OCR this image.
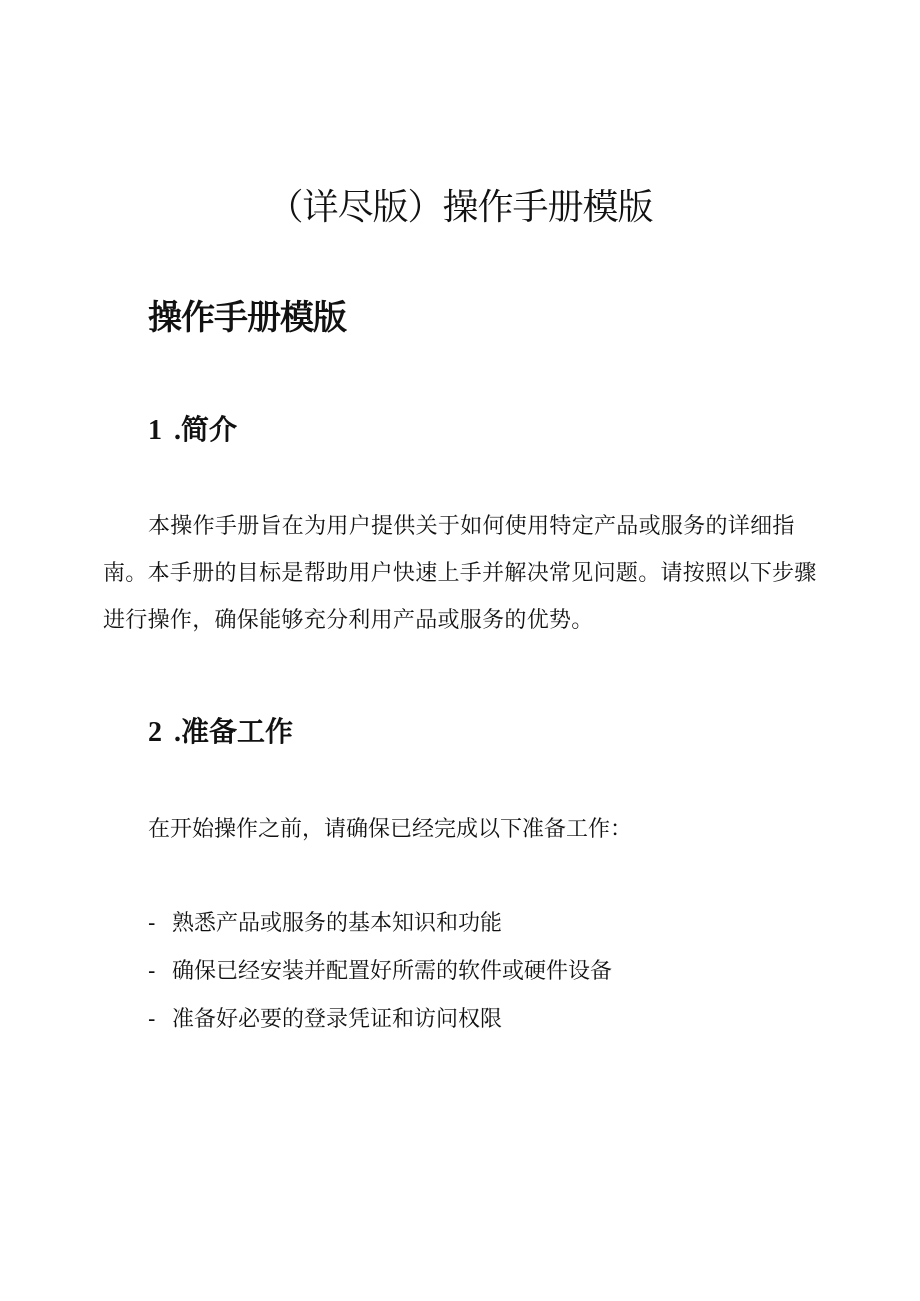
（详尽版）操作手册模版
操作手册模版
1 .简介

本操作手册旨在为用户提供关于如何使用特定产品或服务的详细指南。本手册的目标是帮助用户快速上手并解决常见问题。请按照以下步骤进行操作，确保能够充分利用产品或服务的优势。

2 .准备工作

在开始操作之前，请确保已经完成以下准备工作：

- 熟悉产品或服务的基本知识和功能
- 确保已经安装并配置好所需的软件或硬件设备
- 准备好必要的登录凭证和访问权限
